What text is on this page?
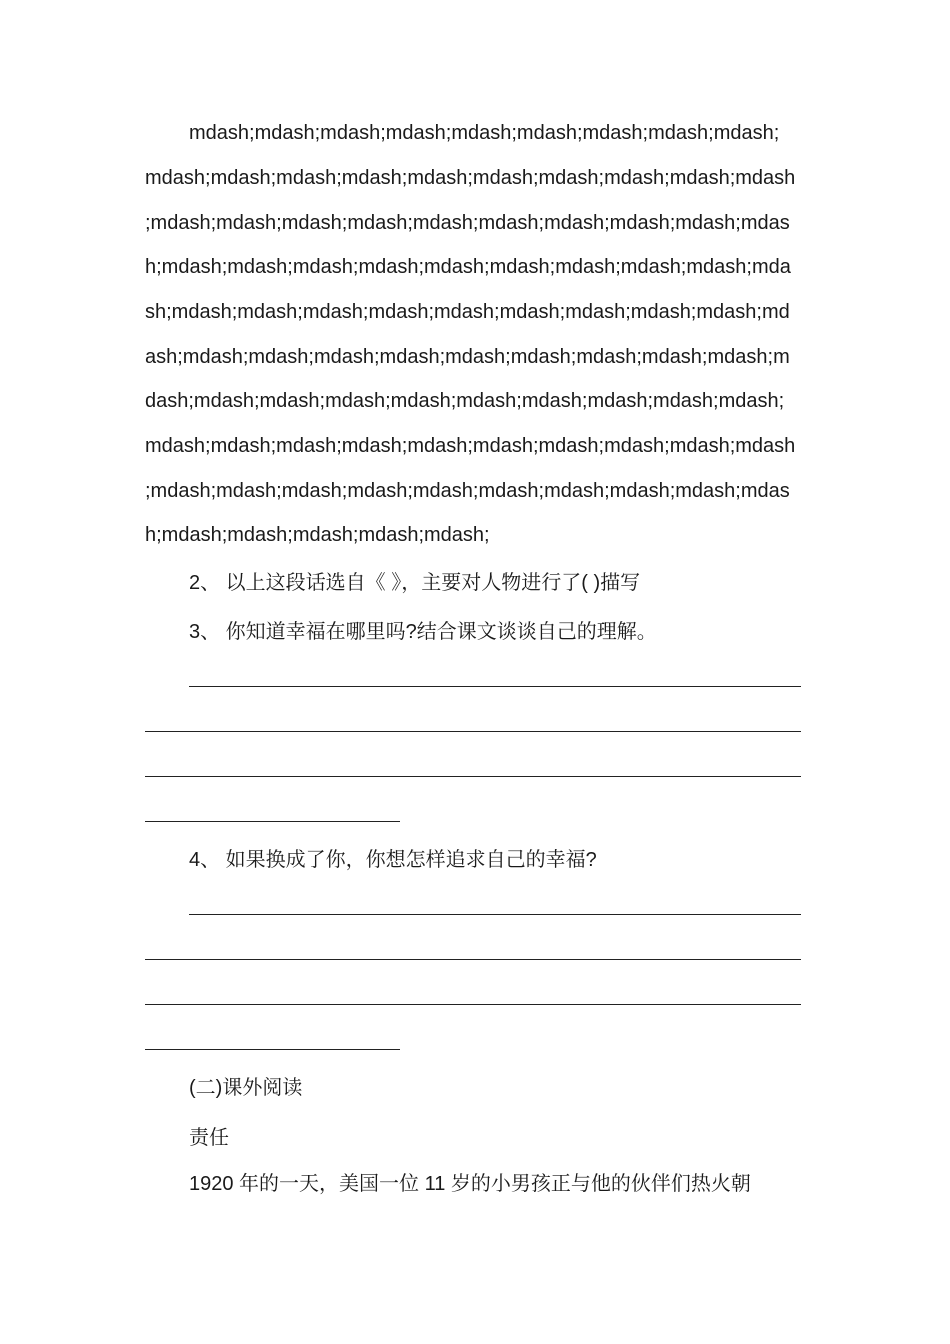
mdash;mdash;mdash;mdash;mdash;mdash;mdash;mdash;mdash;

mdash;mdash;mdash;mdash;mdash;mdash;mdash;mdash;mdash;mdash

;mdash;mdash;mdash;mdash;mdash;mdash;mdash;mdash;mdash;mdas

h;mdash;mdash;mdash;mdash;mdash;mdash;mdash;mdash;mdash;mda

sh;mdash;mdash;mdash;mdash;mdash;mdash;mdash;mdash;mdash;md

ash;mdash;mdash;mdash;mdash;mdash;mdash;mdash;mdash;mdash;m

dash;mdash;mdash;mdash;mdash;mdash;mdash;mdash;mdash;mdash;

mdash;mdash;mdash;mdash;mdash;mdash;mdash;mdash;mdash;mdash

;mdash;mdash;mdash;mdash;mdash;mdash;mdash;mdash;mdash;mdas

h;mdash;mdash;mdash;mdash;mdash;

2、 以上这段话选自《 》，主要对人物进行了( )描写

3、 你知道幸福在哪里吗?结合课文谈谈自己的理解。

4、 如果换成了你，你想怎样追求自己的幸福?

(二)课外阅读

责任

1920 年的一天，美国一位 11 岁的小男孩正与他的伙伴们热火朝
